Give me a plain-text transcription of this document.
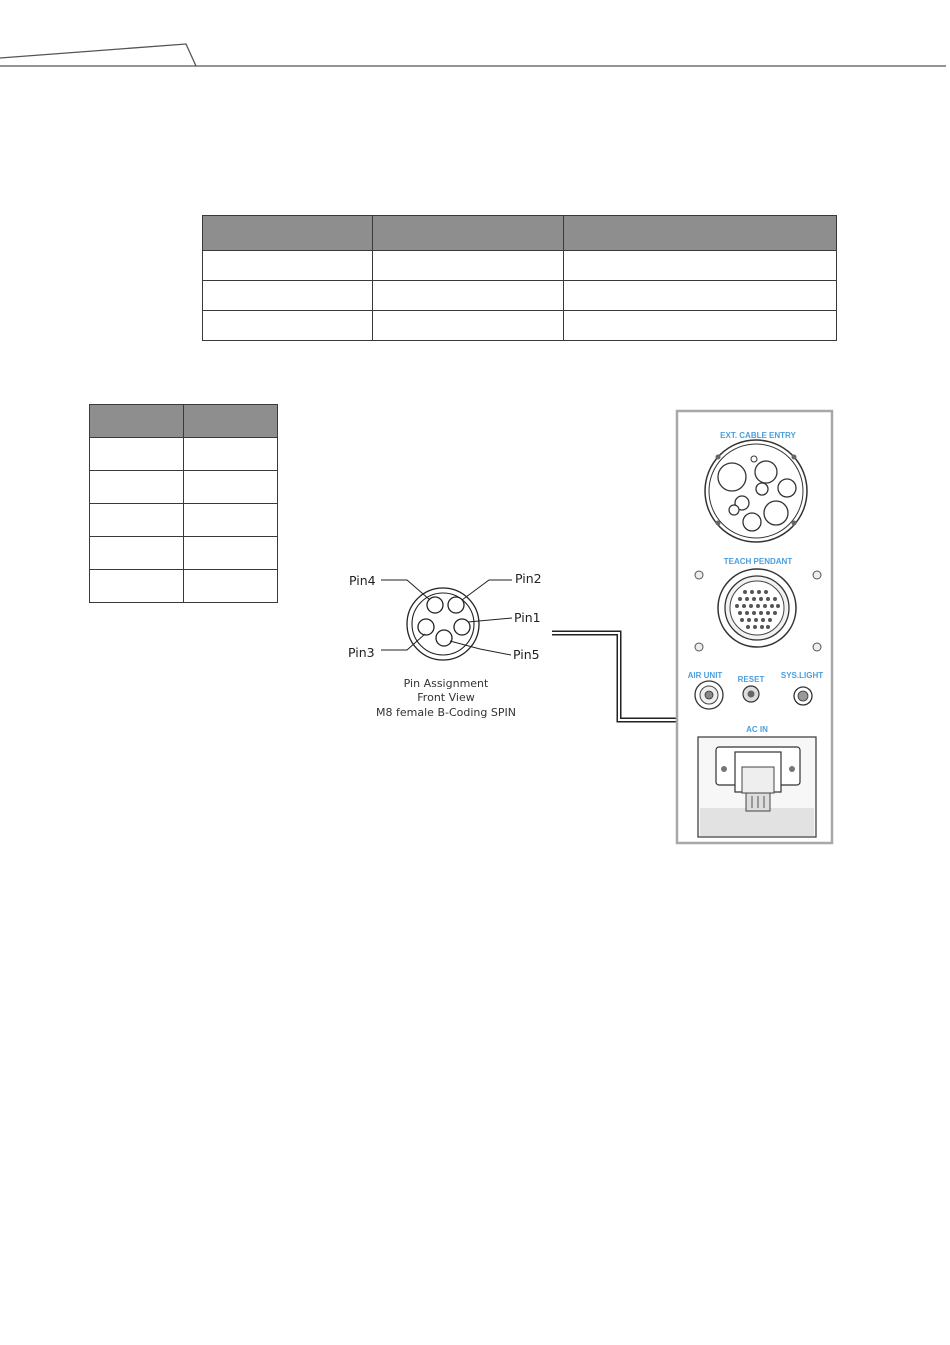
Pin4	Pin2
Pin1
Pin3	Pin5
Pin Assignment
Front View
M8 female B-Coding SPIN
EXT. CABLE ENTRY
TEACH PENDANT
AIR UNIT RESET SYS.LIGHT
AC IN
